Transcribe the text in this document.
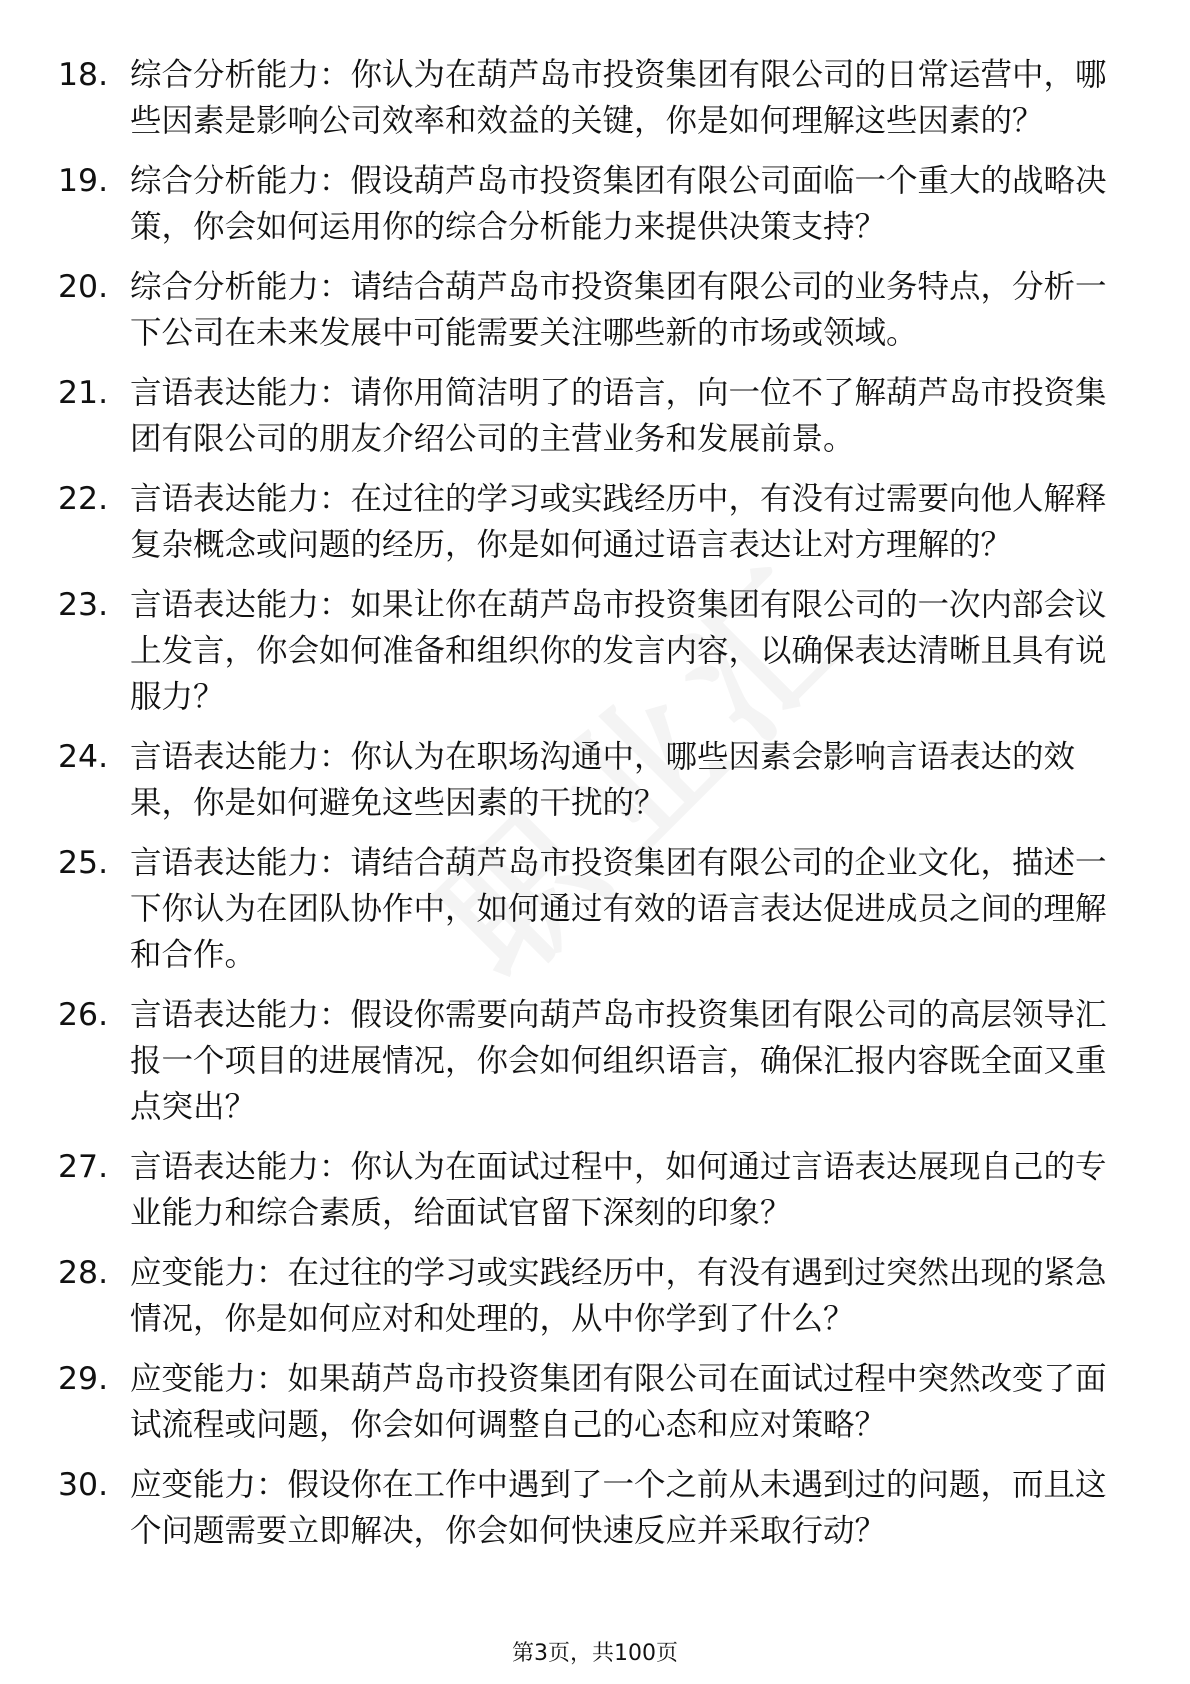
18. 综合分析能力：你认为在葫芦岛市投资集团有限公司的日常运营中，哪些因素是影响公司效率和效益的关键，你是如何理解这些因素的？
19. 综合分析能力：假设葫芦岛市投资集团有限公司面临一个重大的战略决策，你会如何运用你的综合分析能力来提供决策支持？
20. 综合分析能力：请结合葫芦岛市投资集团有限公司的业务特点，分析一下公司在未来发展中可能需要关注哪些新的市场或领域。
21. 言语表达能力：请你用简洁明了的语言，向一位不了解葫芦岛市投资集团有限公司的朋友介绍公司的主营业务和发展前景。
22. 言语表达能力：在过往的学习或实践经历中，有没有过需要向他人解释复杂概念或问题的经历，你是如何通过语言表达让对方理解的？
23. 言语表达能力：如果让你在葫芦岛市投资集团有限公司的一次内部会议上发言，你会如何准备和组织你的发言内容，以确保表达清晰且具有说服力？
24. 言语表达能力：你认为在职场沟通中，哪些因素会影响言语表达的效果，你是如何避免这些因素的干扰的？
25. 言语表达能力：请结合葫芦岛市投资集团有限公司的企业文化，描述一下你认为在团队协作中，如何通过有效的语言表达促进成员之间的理解和合作。
26. 言语表达能力：假设你需要向葫芦岛市投资集团有限公司的高层领导汇报一个项目的进展情况，你会如何组织语言，确保汇报内容既全面又重点突出？
27. 言语表达能力：你认为在面试过程中，如何通过言语表达展现自己的专业能力和综合素质，给面试官留下深刻的印象？
28. 应变能力：在过往的学习或实践经历中，有没有遇到过突然出现的紧急情况，你是如何应对和处理的，从中你学到了什么？
29. 应变能力：如果葫芦岛市投资集团有限公司在面试过程中突然改变了面试流程或问题，你会如何调整自己的心态和应对策略？
30. 应变能力：假设你在工作中遇到了一个之前从未遇到过的问题，而且这个问题需要立即解决，你会如何快速反应并采取行动？
第3页，共100页
